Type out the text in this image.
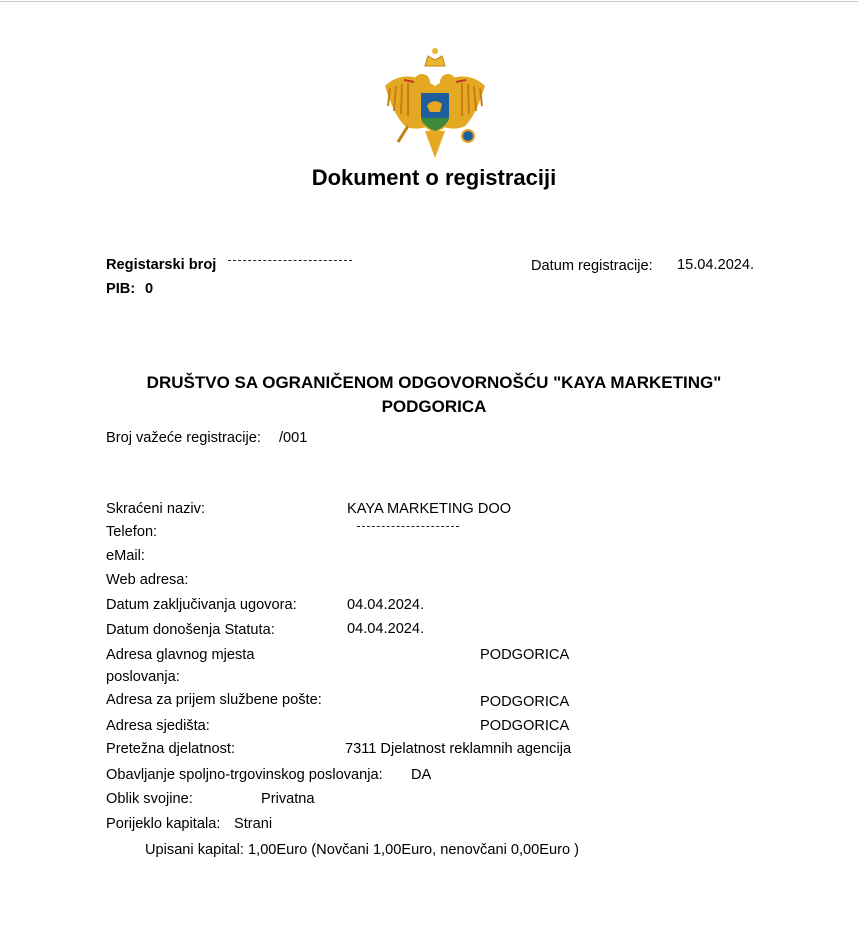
Dokument o registraciji
Registarski broj
PIB: 0
Datum registracije: 15.04.2024.
DRUŠTVO SA OGRANIČENOM ODGOVORNOŠĆU "KAYA MARKETING"
PODGORICA
Broj važeće registracije: /001
Skraćeni naziv:	KAYA MARKETING DOO
Telefon:
eMail:
Web adresa:
Datum zaključivanja ugovora:	04.04.2024.
Datum donošenja Statuta:	04.04.2024.
Adresa glavnog mjesta
poslovanja:
PODGORICA
Adresa za prijem službene pošte:	PODGORICA
Adresa sjedišta:	PODGORICA
Pretežna djelatnost:	7311 Djelatnost reklamnih agencija
Obavljanje spoljno-trgovinskog poslovanja: DA
Oblik svojine:	Privatna
Porijeklo kapitala: Strani
Upisani kapital: 1,00Euro (Novčani 1,00Euro, nenovčani 0,00Euro )
